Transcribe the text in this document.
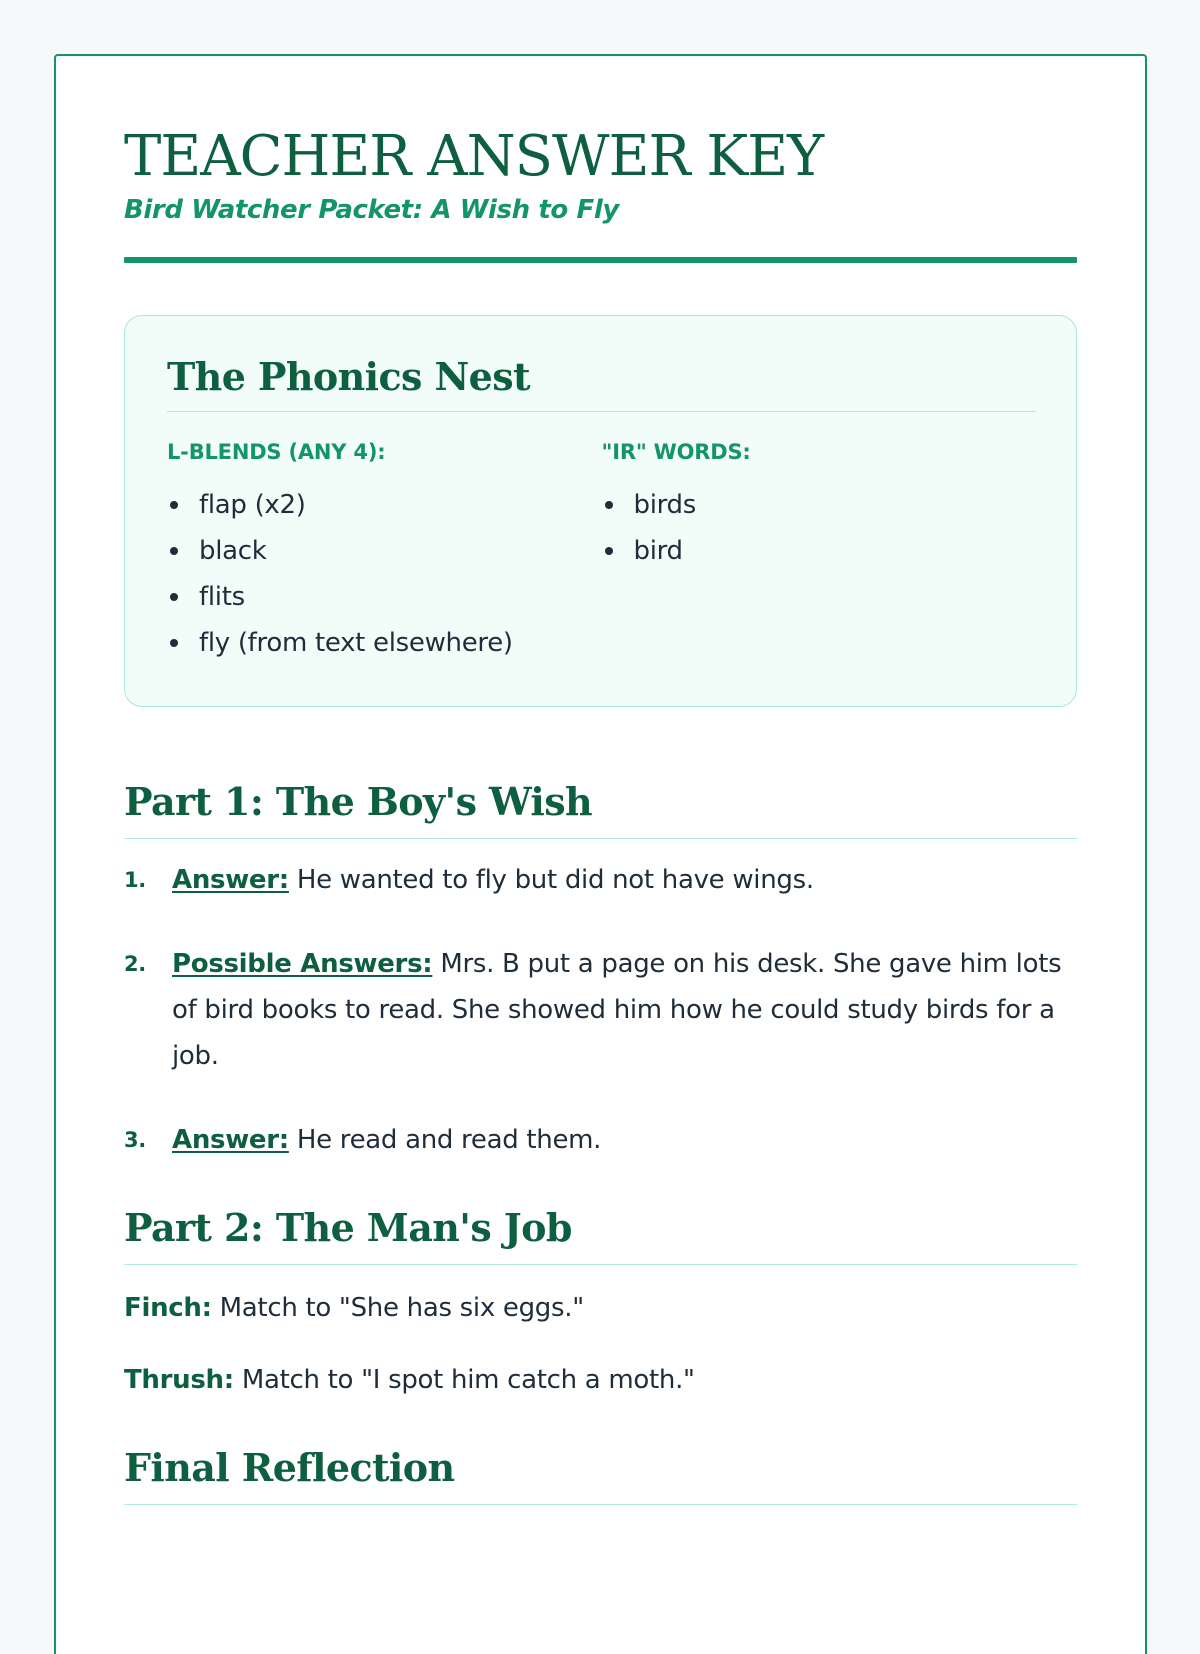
TEACHER ANSWER KEY
Bird Watcher Packet: A Wish to Fly
The Phonics Nest
L-BLENDS (ANY 4):
flap (x2)
black
flits
fly (from text elsewhere)
"IR" WORDS:
birds
bird
Part 1: The Boy's Wish
1.	Answer: He wanted to fly but did not have wings.
2.	Possible Answers: Mrs. B put a page on his desk. She gave him lots of bird books to read. She showed him how he could study birds for a job.
3.	Answer: He read and read them.
Part 2: The Man's Job

Finch: Match to "She has six eggs."

Thrush: Match to "I spot him catch a moth."

Final Reflection
